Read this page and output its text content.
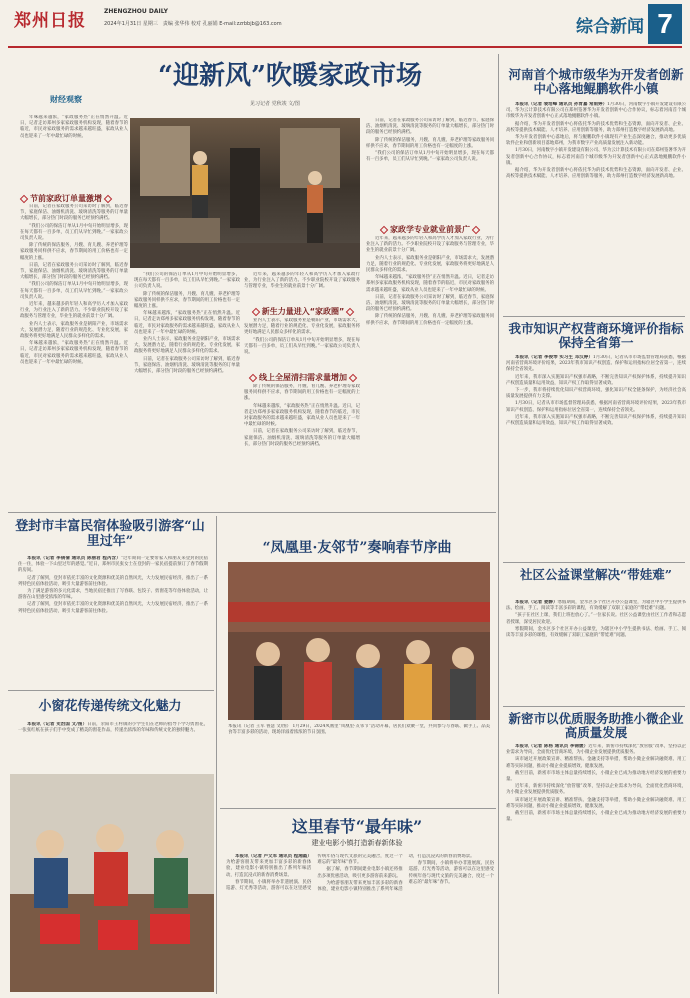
郑州日报	ZHENGZHOU DAILY
2024年1月31日 星期三　责编 张华伟 校对 孔丽娟 E-mail:zzrbbjb@163.com	综合新闻 7
财经观察
“迎新风”吹暖家政市场
见习记者 党秋竣 文/图
节前家政订单量激增

年味越来越浓，“家政服务热”正在悄然升温。近日，记者走访郑州多家家政服务机构发现，随着春节的临近，市民对家政服务的需求越来越旺盛，家政从业人员也迎来了一年中最忙碌的时候。

日前，记者在家政服务公司采访时了解到，临近春节，家庭保洁、油烟机清洗、玻璃清洗等服务的订单量大幅增长，部分热门时段的服务已经预约满档。

“我们公司的保洁订单从1月中旬开始明显增多，现在每天都有一百多单，员工们从早忙到晚。”一家家政公司负责人说。

除了传统的保洁服务，月嫂、育儿嫂、养老护理等家政服务同样供不应求，春节期间的用工价格也有一定幅度的上涨。

日前，记者在家政服务公司采访时了解到，临近春节，家庭保洁、油烟机清洗、玻璃清洗等服务的订单量大幅增长，部分热门时段的服务已经预约满档。

“我们公司的保洁订单从1月中旬开始明显增多，现在每天都有一百多单，员工们从早忙到晚。”一家家政公司负责人说。

近年来，越来越多的年轻人和高学历人才加入家政行业，为行业注入了新的活力。不少职业院校开设了家政服务与管理专业，毕业生的就业前景十分广阔。

业内人士表示，家政服务业是朝阳产业，市场需求大，发展潜力足，随着行业的规范化、专业化发展，家政服务将更好地满足人民群众多样化的需求。

年味越来越浓，“家政服务热”正在悄然升温。近日，记者走访郑州多家家政服务机构发现，随着春节的临近，市民对家政服务的需求越来越旺盛，家政从业人员也迎来了一年中最忙碌的时候。

“我们公司的保洁订单从1月中旬开始明显增多，现在每天都有一百多单，员工们从早忙到晚。”一家家政公司负责人说。

除了传统的保洁服务，月嫂、育儿嫂、养老护理等家政服务同样供不应求，春节期间的用工价格也有一定幅度的上涨。

年味越来越浓，“家政服务热”正在悄然升温。近日，记者走访郑州多家家政服务机构发现，随着春节的临近，市民对家政服务的需求越来越旺盛，家政从业人员也迎来了一年中最忙碌的时候。

业内人士表示，家政服务业是朝阳产业，市场需求大，发展潜力足，随着行业的规范化、专业化发展，家政服务将更好地满足人民群众多样化的需求。

日前，记者在家政服务公司采访时了解到，临近春节，家庭保洁、油烟机清洗、玻璃清洗等服务的订单量大幅增长，部分热门时段的服务已经预约满档。

新生力量进入“家政圈”
线上全屋清扫需求量增加

近年来，越来越多的年轻人和高学历人才加入家政行业，为行业注入了新的活力。不少职业院校开设了家政服务与管理专业，毕业生的就业前景十分广阔。

业内人士表示，家政服务业是朝阳产业，市场需求大，发展潜力足，随着行业的规范化、专业化发展，家政服务将更好地满足人民群众多样化的需求。

“我们公司的保洁订单从1月中旬开始明显增多，现在每天都有一百多单，员工们从早忙到晚。”一家家政公司负责人说。

除了传统的保洁服务，月嫂、育儿嫂、养老护理等家政服务同样供不应求，春节期间的用工价格也有一定幅度的上涨。

年味越来越浓，“家政服务热”正在悄然升温。近日，记者走访郑州多家家政服务机构发现，随着春节的临近，市民对家政服务的需求越来越旺盛，家政从业人员也迎来了一年中最忙碌的时候。

日前，记者在家政服务公司采访时了解到，临近春节，家庭保洁、油烟机清洗、玻璃清洗等服务的订单量大幅增长，部分热门时段的服务已经预约满档。

家政学专业就业前景广

日前，记者在家政服务公司采访时了解到，临近春节，家庭保洁、油烟机清洗、玻璃清洗等服务的订单量大幅增长，部分热门时段的服务已经预约满档。

除了传统的保洁服务，月嫂、育儿嫂、养老护理等家政服务同样供不应求，春节期间的用工价格也有一定幅度的上涨。

“我们公司的保洁订单从1月中旬开始明显增多，现在每天都有一百多单，员工们从早忙到晚。”一家家政公司负责人说。

近年来，越来越多的年轻人和高学历人才加入家政行业，为行业注入了新的活力。不少职业院校开设了家政服务与管理专业，毕业生的就业前景十分广阔。

业内人士表示，家政服务业是朝阳产业，市场需求大，发展潜力足，随着行业的规范化、专业化发展，家政服务将更好地满足人民群众多样化的需求。

年味越来越浓，“家政服务热”正在悄然升温。近日，记者走访郑州多家家政服务机构发现，随着春节的临近，市民对家政服务的需求越来越旺盛，家政从业人员也迎来了一年中最忙碌的时候。

日前，记者在家政服务公司采访时了解到，临近春节，家庭保洁、油烟机清洗、玻璃清洗等服务的订单量大幅增长，部分热门时段的服务已经预约满档。

除了传统的保洁服务，月嫂、育儿嫂、养老护理等家政服务同样供不应求，春节期间的用工价格也有一定幅度的上涨。

河南首个城市级华为开发者创新中心落地鲲鹏软件小镇

本报讯（记者 裴培峰 通讯员 孙青嘉 常雨婷）1月30日，河南数字小镇开发建设有限公司、华为云计算技术有限公司在郑州签署华为开发者创新中心合作协议，标志着河南首个城市级华为开发者创新中心正式落地鲲鹏软件小镇。

据介绍，华为开发者创新中心将依托华为的技术优势和生态资源，面向开发者、企业、高校等提供技术赋能、人才培养、应用创新等服务，助力郑州打造数字经济发展新高地。

华为开发者创新中心落地后，将与鲲鹏软件小镇现有产业生态深度融合，推动更多优质软件企业和创新项目落地郑州，为我市数字产业高质量发展注入新动能。

1月30日，河南数字小镇开发建设有限公司、华为云计算技术有限公司在郑州签署华为开发者创新中心合作协议，标志着河南首个城市级华为开发者创新中心正式落地鲲鹏软件小镇。

据介绍，华为开发者创新中心将依托华为的技术优势和生态资源，面向开发者、企业、高校等提供技术赋能、人才培养、应用创新等服务，助力郑州打造数字经济发展新高地。

我市知识产权营商环境评价指标保持全省第一

本报讯（记者 李俊琴 实习生 邓汉婷）1月30日，记者从市市场监督管理局获悉，根据河南省营商环境评价结果，2023年我市知识产权创造、保护和运用指标位居全省第一，连续保持全省领先。

近年来，我市深入实施知识产权强市战略，不断完善知识产权保护体系，持续提升知识产权创造质量和运用效益，知识产权工作取得显著成效。

下一步，我市将持续优化知识产权营商环境，强化知识产权全链条保护，为经济社会高质量发展提供有力支撑。

1月30日，记者从市市场监督管理局获悉，根据河南省营商环境评价结果，2023年我市知识产权创造、保护和运用指标位居全省第一，连续保持全省领先。

近年来，我市深入实施知识产权强市战略，不断完善知识产权保护体系，持续提升知识产权创造质量和运用效益，知识产权工作取得显著成效。

社区公益课堂解决“带娃难”

本报讯（记者 姜静）寒假期间，金水区多个社区开办公益课堂，为辖区中小学生提供书法、绘画、手工、阅读等丰富多彩的课程，有效缓解了双职工家庭的“带娃难”问题。

“孩子在社区上课，我们上班也放心了。”一位家长说。社区公益课堂由社区工作者和志愿者授课，深受居民欢迎。

寒假期间，金水区多个社区开办公益课堂，为辖区中小学生提供书法、绘画、手工、阅读等丰富多彩的课程，有效缓解了双职工家庭的“带娃难”问题。

新密市以优质服务助推小微企业高质量发展

本报讯（记者 陈杨 通讯员 李锦媛）近年来，新密市持续深化“放管服”改革，坚持以企业需求为导向，全面优化营商环境，为小微企业发展提供优质服务。

该市通过开展政策宣讲、精准帮扶、金融支持等举措，帮助小微企业解决融资难、用工难等实际问题，推动小微企业提质增效、健康发展。

截至目前，新密市市场主体总量持续增长，小微企业已成为推动地方经济发展的重要力量。

近年来，新密市持续深化“放管服”改革，坚持以企业需求为导向，全面优化营商环境，为小微企业发展提供优质服务。

该市通过开展政策宣讲、精准帮扶、金融支持等举措，帮助小微企业解决融资难、用工难等实际问题，推动小微企业提质增效、健康发展。

截至目前，新密市市场主体总量持续增长，小微企业已成为推动地方经济发展的重要力量。

登封市丰富民宿体验吸引游客“山里过年”

本报讯（记者 李倩倩 通讯员 陈丽君 程芮含）“过年期间一定要带家人和朋友来登封的民宿住一住，体验一下山里过年的感觉。”近日，郑州市民张女士在登封的一家民宿提前预订了春节假期的房间。

记者了解到，登封市依托丰富的文化资源和优美的自然风光，大力发展民宿经济，推出了一系列特色民宿体验活动，吸引大量游客前往体验。

为了满足游客的多元化需求，当地民宿还推出了写春联、包饺子、剪窗花等年俗体验活动，让游客在山里感受浓浓的年味。

记者了解到，登封市依托丰富的文化资源和优美的自然风光，大力发展民宿经济，推出了一系列特色民宿体验活动，吸引大量游客前往体验。

小窗花传递传统文化魅力

本报讯（记者 史治国 文/图）日前，荥阳市王村镇的小学生们在老师的指导下学习剪窗花，一张张红纸在孩子们手中变成了精美的窗花作品，传递出浓浓的年味和传统文化的独特魅力。

“凤凰里·友邻节”奏响春节序曲
本报讯（记者 王军 鲁慧 文/图） 1月29日，2024凤凰里“凤凰里·友邻节”活动开幕，居民们欢聚一堂，共同参与写春联、做手工、品美食等丰富多彩的活动，现场洋溢着浓浓的节日氛围。
这里春节“最年味”
建业电影小镇打造新春新体验

本报讯（记者 卢文军 通讯员 程湘霞）为给游客朋友带来更加丰富多彩的新春体验，建业电影小镇特别推出了系列年味活动，打造沉浸式的新春消费场景。

春节期间，小镇将举办非遗展演、民俗巡游、灯光秀等活动，游客可以在这里感受传统年俗与现代文旅的完美融合，度过一个难忘的“最年味”春节。

据了解，春节期间建业电影小镇还将推出多项优惠活动，吸引更多游客前来游玩。

为给游客朋友带来更加丰富多彩的新春体验，建业电影小镇特别推出了系列年味活动，打造沉浸式的新春消费场景。

春节期间，小镇将举办非遗展演、民俗巡游、灯光秀等活动，游客可以在这里感受传统年俗与现代文旅的完美融合，度过一个难忘的“最年味”春节。
